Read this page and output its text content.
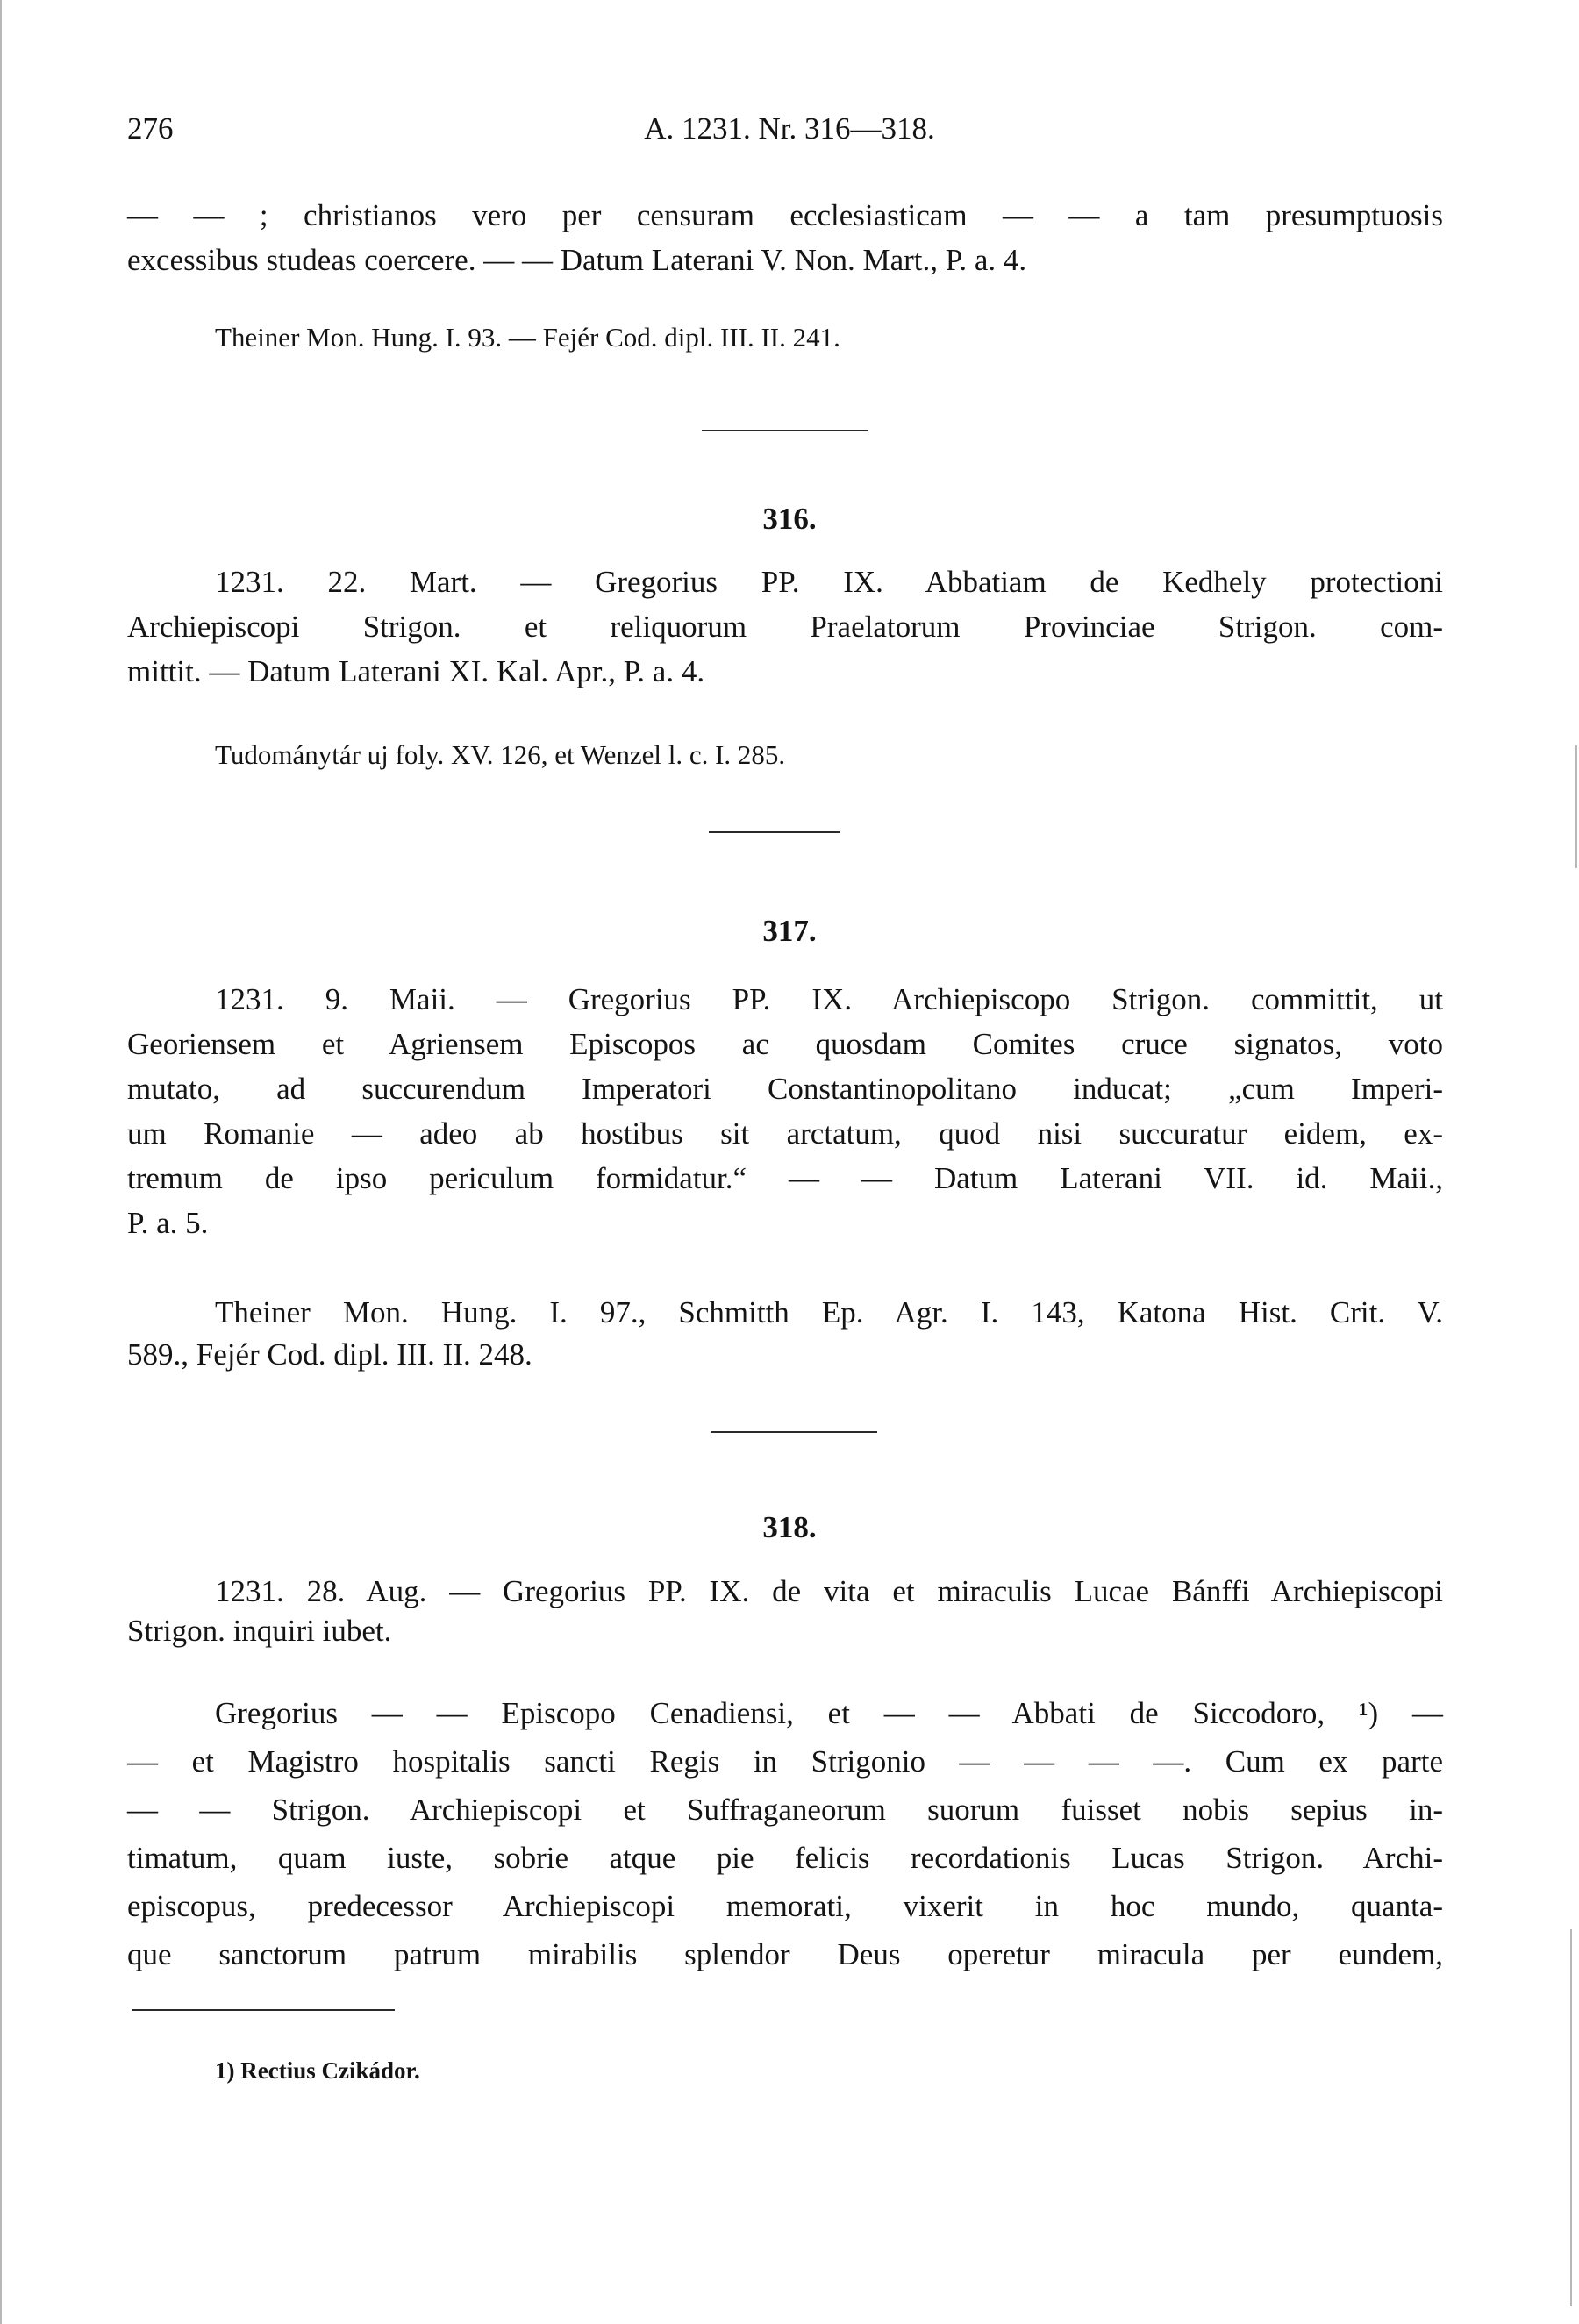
276	A. 1231. Nr. 316—318.
— — ; christianos vero per censuram ecclesiasticam — — a tam presumptuosis
excessibus studeas coercere. — — Datum Laterani V. Non. Mart., P. a. 4.
Theiner Mon. Hung. I. 93. — Fejér Cod. dipl. III. II. 241.
316.
1231. 22. Mart. — Gregorius PP. IX. Abbatiam de Kedhely protectioni
Archiepiscopi Strigon. et reliquorum Praelatorum Provinciae Strigon. com-
mittit. — Datum Laterani XI. Kal. Apr., P. a. 4.
Tudománytár uj foly. XV. 126, et Wenzel l. c. I. 285.
317.
1231. 9. Maii. — Gregorius PP. IX. Archiepiscopo Strigon. committit, ut
Georiensem et Agriensem Episcopos ac quosdam Comites cruce signatos, voto
mutato, ad succurendum Imperatori Constantinopolitano inducat; „cum Imperi-
um Romanie — adeo ab hostibus sit arctatum, quod nisi succuratur eidem, ex-
tremum de ipso periculum formidatur.“ — — Datum Laterani VII. id. Maii.,
P. a. 5.
Theiner Mon. Hung. I. 97., Schmitth Ep. Agr. I. 143, Katona Hist. Crit. V.
589., Fejér Cod. dipl. III. II. 248.
318.
1231. 28. Aug. — Gregorius PP. IX. de vita et miraculis Lucae Bánffi Archiepiscopi
Strigon. inquiri iubet.
Gregorius — — Episcopo Cenadiensi, et — — Abbati de Siccodoro, ¹) —
— et Magistro hospitalis sancti Regis in Strigonio — — — —. Cum ex parte
— — Strigon. Archiepiscopi et Suffraganeorum suorum fuisset nobis sepius in-
timatum, quam iuste, sobrie atque pie felicis recordationis Lucas Strigon. Archi-
episcopus, predecessor Archiepiscopi memorati, vixerit in hoc mundo, quanta-
que sanctorum patrum mirabilis splendor Deus operetur miracula per eundem,
1) Rectius Czikádor.
